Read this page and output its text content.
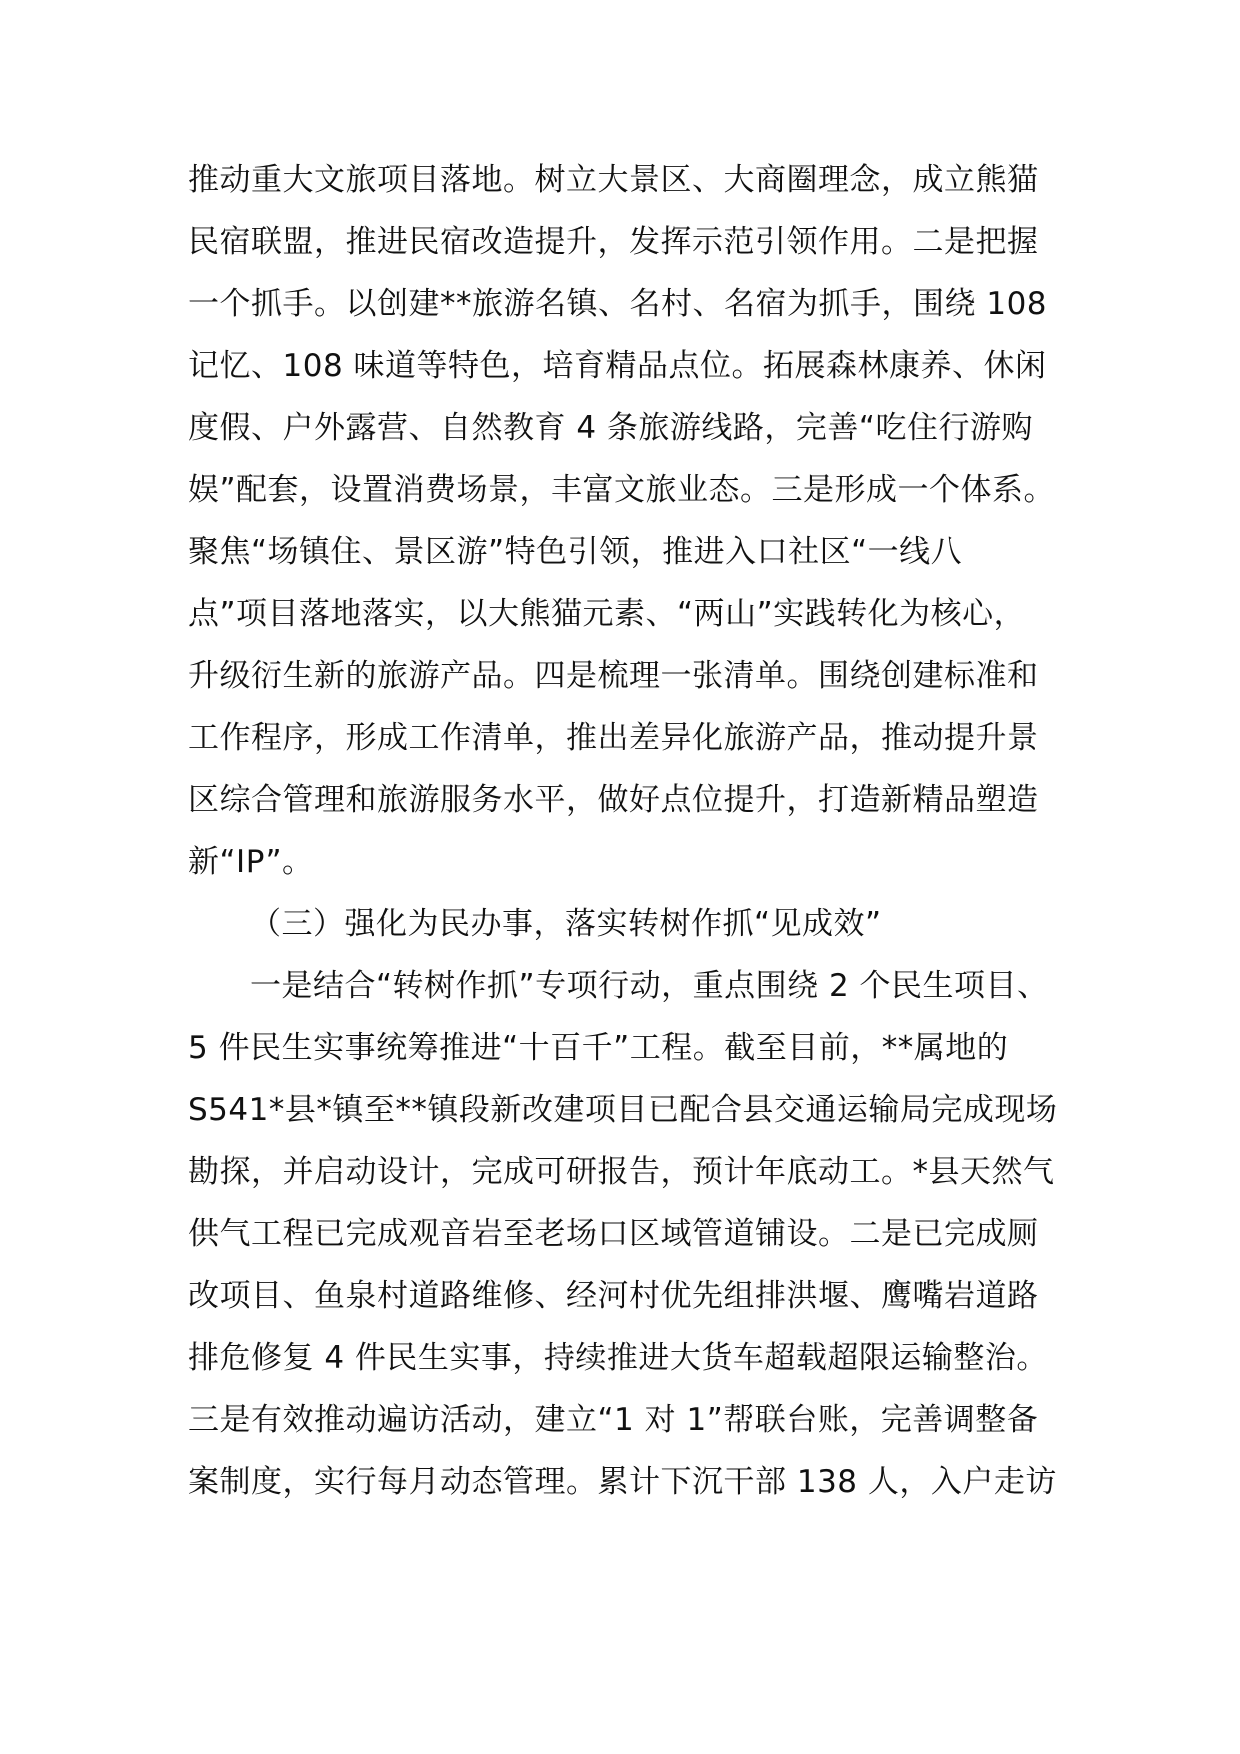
推动重大文旅项目落地。树立大景区、大商圈理念，成立熊猫
民宿联盟，推进民宿改造提升，发挥示范引领作用。二是把握
一个抓手。以创建**旅游名镇、名村、名宿为抓手，围绕 108
记忆、108 味道等特色，培育精品点位。拓展森林康养、休闲
度假、户外露营、自然教育 4 条旅游线路，完善“吃住行游购
娱”配套，设置消费场景，丰富文旅业态。三是形成一个体系。
聚焦“场镇住、景区游”特色引领，推进入口社区“一线八
点”项目落地落实，以大熊猫元素、“两山”实践转化为核心，
升级衍生新的旅游产品。四是梳理一张清单。围绕创建标准和
工作程序，形成工作清单，推出差异化旅游产品，推动提升景
区综合管理和旅游服务水平，做好点位提升，打造新精品塑造
新“IP”。
（三）强化为民办事，落实转树作抓“见成效”
一是结合“转树作抓”专项行动，重点围绕 2 个民生项目、
5 件民生实事统筹推进“十百千”工程。截至目前，**属地的
S541*县*镇至**镇段新改建项目已配合县交通运输局完成现场
勘探，并启动设计，完成可研报告，预计年底动工。*县天然气
供气工程已完成观音岩至老场口区域管道铺设。二是已完成厕
改项目、鱼泉村道路维修、经河村优先组排洪堰、鹰嘴岩道路
排危修复 4 件民生实事，持续推进大货车超载超限运输整治。
三是有效推动遍访活动，建立“1 对 1”帮联台账，完善调整备
案制度，实行每月动态管理。累计下沉干部 138 人，入户走访
